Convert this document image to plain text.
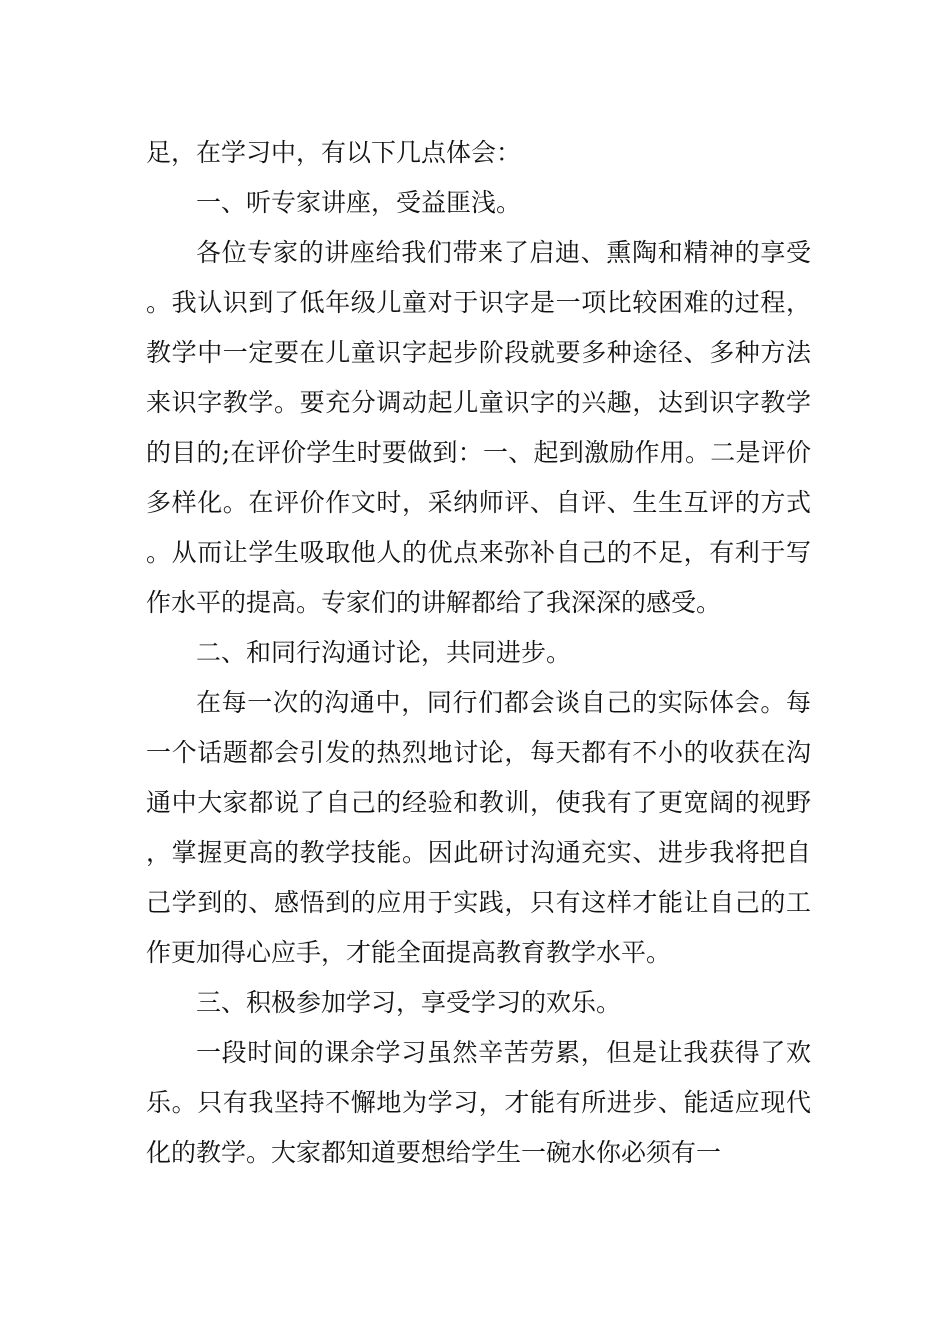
足，在学习中，有以下几点体会：

一、听专家讲座，受益匪浅。

各位专家的讲座给我们带来了启迪、熏陶和精神的享受。我认识到了低年级儿童对于识字是一项比较困难的过程，教学中一定要在儿童识字起步阶段就要多种途径、多种方法来识字教学。要充分调动起儿童识字的兴趣，达到识字教学的目的;在评价学生时要做到：一、起到激励作用。二是评价多样化。在评价作文时，采纳师评、自评、生生互评的方式。从而让学生吸取他人的优点来弥补自己的不足，有利于写作水平的提高。专家们的讲解都给了我深深的感受。

二、和同行沟通讨论，共同进步。

在每一次的沟通中，同行们都会谈自己的实际体会。每一个话题都会引发的热烈地讨论，每天都有不小的收获在沟通中大家都说了自己的经验和教训，使我有了更宽阔的视野，掌握更高的教学技能。因此研讨沟通充实、进步我将把自己学到的、感悟到的应用于实践，只有这样才能让自己的工作更加得心应手，才能全面提高教育教学水平。

三、积极参加学习，享受学习的欢乐。

一段时间的课余学习虽然辛苦劳累，但是让我获得了欢乐。只有我坚持不懈地为学习，才能有所进步、能适应现代化的教学。大家都知道要想给学生一碗水你必须有一
